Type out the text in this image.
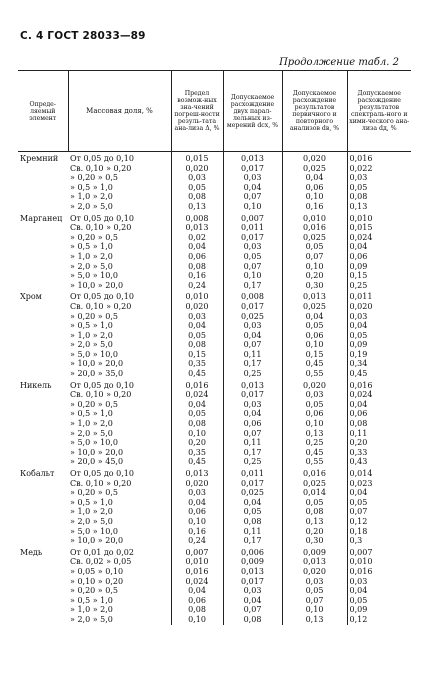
С. 4 ГОСТ 28033—89
Продолжение табл. 2
Опреде-ляемый элемент	Массовая доля, %	Предел возмож-ных зна-чений погреш-ности резуль-тата ана-лиза Δ, %	Допускаемое расхождение двух парал-лельных из-мерений dсх, %	Допускаемое расхождение результатов первичного и повторного анализов dв, %	Допускаемое расхождение результатов спектраль-ного и хими-ческого ана-лиза dд, %
Кремний	От 0,05 до 0,10	0,015	0,013	0,020	0,016
	Св. 0,10 » 0,20	0,020	0,017	0,025	0,022
	» 0,20 » 0,5	0,03	0,03	0,04	0,03
	» 0,5 » 1,0	0,05	0,04	0,06	0,05
	» 1,0 » 2,0	0,08	0,07	0,10	0,08
	» 2,0 » 5,0	0,13	0,10	0,16	0,13
Марганец	От 0,05 до 0,10	0,008	0,007	0,010	0,010
	Св. 0,10 » 0,20	0,013	0,011	0,016	0,015
	» 0,20 » 0,5	0,02	0,017	0,025	0,024
	» 0,5 » 1,0	0,04	0,03	0,05	0,04
	» 1,0 » 2,0	0,06	0,05	0,07	0,06
	» 2,0 » 5,0	0,08	0,07	0,10	0,09
	» 5,0 » 10,0	0,16	0,10	0,20	0,15
	» 10,0 » 20,0	0,24	0,17	0,30	0,25
Хром	От 0,05 до 0,10	0,010	0,008	0,013	0,011
	Св. 0,10 » 0,20	0,020	0,017	0,025	0,020
	» 0,20 » 0,5	0,03	0,025	0,04	0,03
	» 0,5 » 1,0	0,04	0,03	0,05	0,04
	» 1,0 » 2,0	0,05	0,04	0,06	0,05
	» 2,0 » 5,0	0,08	0,07	0,10	0,09
	» 5,0 » 10,0	0,15	0,11	0,15	0,19
	» 10,0 » 20,0	0,35	0,17	0,45	0,34
	» 20,0 » 35,0	0,45	0,25	0,55	0,45
Никель	От 0,05 до 0,10	0,016	0,013	0,020	0,016
	Св. 0,10 » 0,20	0,024	0,017	0,03	0,024
	» 0,20 » 0,5	0,04	0,03	0,05	0,04
	» 0,5 » 1,0	0,05	0,04	0,06	0,06
	» 1,0 » 2,0	0,08	0,06	0,10	0,08
	» 2,0 » 5,0	0,10	0,07	0,13	0,11
	» 5,0 » 10,0	0,20	0,11	0,25	0,20
	» 10,0 » 20,0	0,35	0,17	0,45	0,33
	» 20,0 » 45,0	0,45	0,25	0,55	0,43
Кобальт	От 0,05 до 0,10	0,013	0,011	0,016	0,014
	Св. 0,10 » 0,20	0,020	0,017	0,025	0,023
	» 0,20 » 0,5	0,03	0,025	0,014	0,04
	» 0,5 » 1,0	0,04	0,04	0,05	0,05
	» 1,0 » 2,0	0,06	0,05	0,08	0,07
	» 2,0 » 5,0	0,10	0,08	0,13	0,12
	» 5,0 » 10,0	0,16	0,11	0,20	0,18
	» 10,0 » 20,0	0,24	0,17	0,30	0,3
Медь	От 0,01 до 0,02	0,007	0,006	0,009	0,007
	Св. 0,02 » 0,05	0,010	0,009	0,013	0,010
	» 0,05 » 0,10	0,016	0,013	0,020	0,016
	» 0,10 » 0,20	0,024	0,017	0,03	0,03
	» 0,20 » 0,5	0,04	0,03	0,05	0,04
	» 0,5 » 1,0	0,06	0,04	0,07	0,05
	» 1,0 » 2,0	0,08	0,07	0,10	0,09
	» 2,0 » 5,0	0,10	0,08	0,13	0,12
